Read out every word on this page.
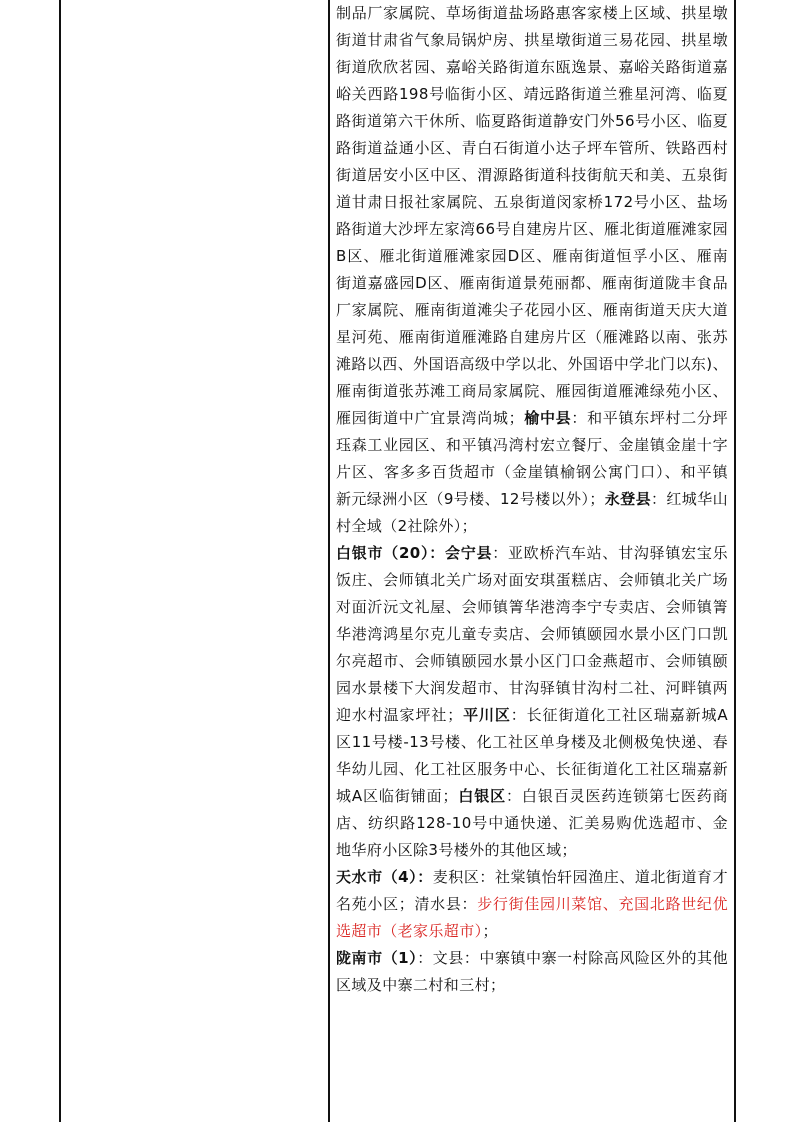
制品厂家属院、草场街道盐场路惠客家楼上区域、拱星墩街道甘肃省气象局锅炉房、拱星墩街道三易花园、拱星墩街道欣欣茗园、嘉峪关路街道东瓯逸景、嘉峪关路街道嘉峪关西路198号临街小区、靖远路街道兰雅星河湾、临夏路街道第六干休所、临夏路街道静安门外56号小区、临夏路街道益通小区、青白石街道小达子坪车管所、铁路西村街道居安小区中区、渭源路街道科技街航天和美、五泉街道甘肃日报社家属院、五泉街道闵家桥172号小区、盐场路街道大沙坪左家湾66号自建房片区、雁北街道雁滩家园B区、雁北街道雁滩家园D区、雁南街道恒孚小区、雁南街道嘉盛园D区、雁南街道景苑丽都、雁南街道陇丰食品厂家属院、雁南街道滩尖子花园小区、雁南街道天庆大道星河苑、雁南街道雁滩路自建房片区（雁滩路以南、张苏滩路以西、外国语高级中学以北、外国语中学北门以东)、雁南街道张苏滩工商局家属院、雁园街道雁滩绿苑小区、雁园街道中广宜景湾尚城；榆中县：和平镇东坪村二分坪珏森工业园区、和平镇冯湾村宏立餐厅、金崖镇金崖十字片区、客多多百货超市（金崖镇榆钢公寓门口）、和平镇新元绿洲小区（9号楼、12号楼以外）；永登县：红城华山村全域（2社除外）；

白银市（20）：会宁县：亚欧桥汽车站、甘沟驿镇宏宝乐饭庄、会师镇北关广场对面安琪蛋糕店、会师镇北关广场对面沂沅文礼屋、会师镇箐华港湾李宁专卖店、会师镇箐华港湾鸿星尔克儿童专卖店、会师镇颐园水景小区门口凯尔亮超市、会师镇颐园水景小区门口金燕超市、会师镇颐园水景楼下大润发超市、甘沟驿镇甘沟村二社、河畔镇两迎水村温家坪社；平川区：长征街道化工社区瑞嘉新城A区11号楼-13号楼、化工社区单身楼及北侧极兔快递、春华幼儿园、化工社区服务中心、长征街道化工社区瑞嘉新城A区临街铺面；白银区：白银百灵医药连锁第七医药商店、纺织路128-10号中通快递、汇美易购优选超市、金地华府小区除3号楼外的其他区域；

天水市（4）：麦积区：社棠镇怡轩园渔庄、道北街道育才名苑小区；清水县：步行街佳园川菜馆、充国北路世纪优选超市（老家乐超市）；

陇南市（1）：文县：中寨镇中寨一村除高风险区外的其他区域及中寨二村和三村；
